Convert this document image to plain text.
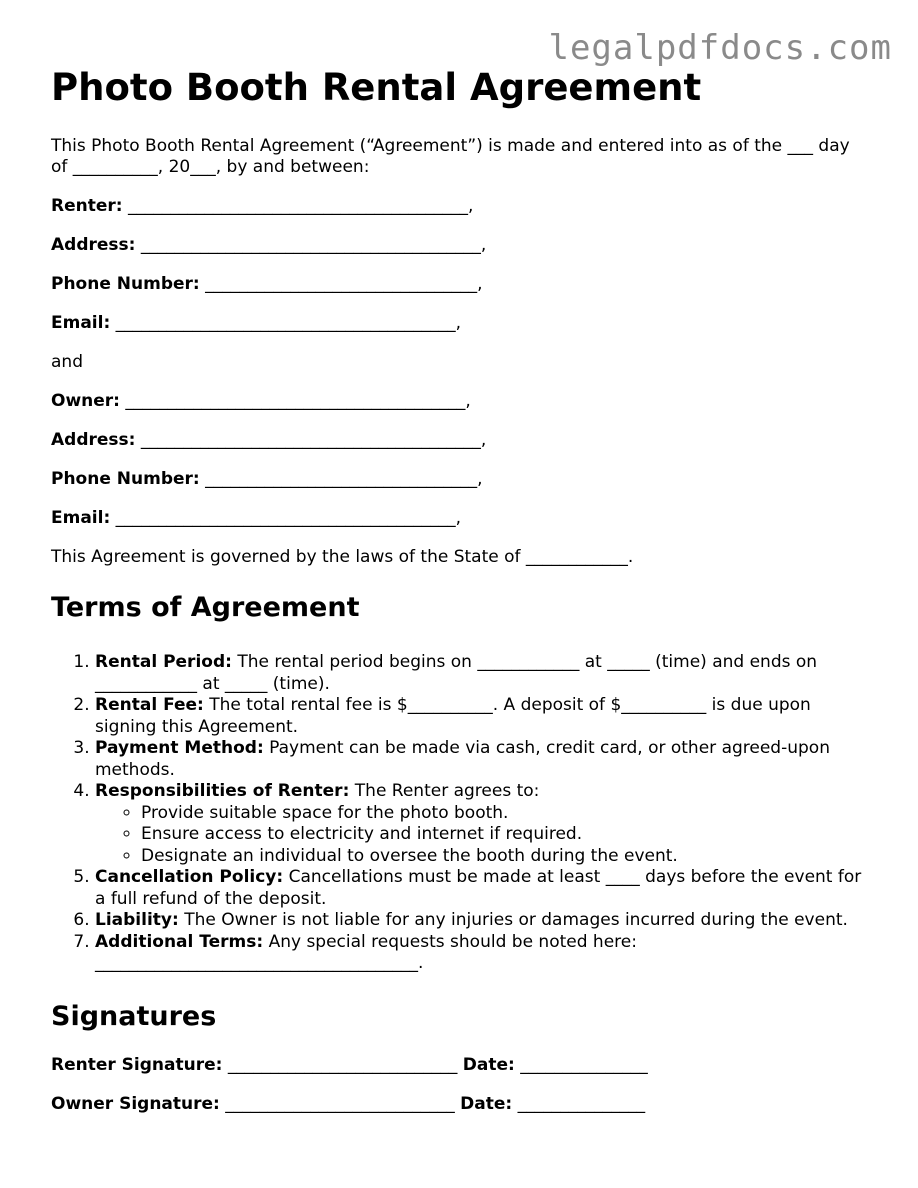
legalpdfdocs.com
Photo Booth Rental Agreement

This Photo Booth Rental Agreement (“Agreement”) is made and entered into as of the ___ day of __________, 20___, by and between:

Renter: ________________________________________,

Address: ________________________________________,

Phone Number: ________________________________,

Email: ________________________________________,

and

Owner: ________________________________________,

Address: ________________________________________,

Phone Number: ________________________________,

Email: ________________________________________,

This Agreement is governed by the laws of the State of ____________.

Terms of Agreement
1. Rental Period: The rental period begins on ____________ at _____ (time) and ends on ____________ at _____ (time).
2. Rental Fee: The total rental fee is $__________. A deposit of $__________ is due upon signing this Agreement.
3. Payment Method: Payment can be made via cash, credit card, or other agreed-upon methods.
4. Responsibilities of Renter: The Renter agrees to:
◦ Provide suitable space for the photo booth.
◦ Ensure access to electricity and internet if required.
◦ Designate an individual to oversee the booth during the event.
5. Cancellation Policy: Cancellations must be made at least ____ days before the event for a full refund of the deposit.
6. Liability: The Owner is not liable for any injuries or damages incurred during the event.
7. Additional Terms: Any special requests should be noted here: ______________________________________.
Signatures

Renter Signature: ___________________________ Date: _______________

Owner Signature: ___________________________ Date: _______________
